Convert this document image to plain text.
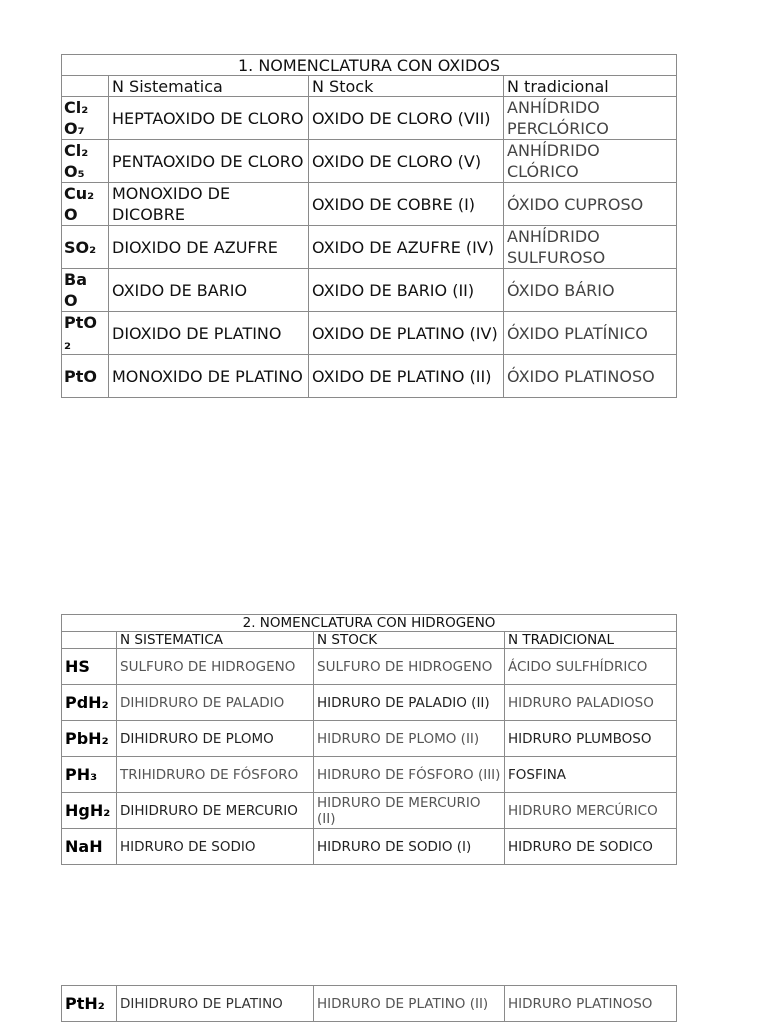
1. NOMENCLATURA CON OXIDOS			
	N Sistematica	N Stock	N tradicional
Cl₂ O₇	HEPTAOXIDO DE CLORO	OXIDO DE CLORO (VII)	ANHÍDRIDO PERCLÓRICO
Cl₂ O₅	PENTAOXIDO DE CLORO	OXIDO DE CLORO (V)	ANHÍDRIDO CLÓRICO
Cu₂ O	MONOXIDO DE DICOBRE	OXIDO DE COBRE (I)	ÓXIDO CUPROSO
SO₂	DIOXIDO DE AZUFRE	OXIDO DE AZUFRE (IV)	ANHÍDRIDO SULFUROSO
Ba O	OXIDO DE BARIO	OXIDO DE BARIO (II)	ÓXIDO BÁRIO
PtO ₂	DIOXIDO DE PLATINO	OXIDO DE PLATINO (IV)	ÓXIDO PLATÍNICO
PtO	MONOXIDO DE PLATINO	OXIDO DE PLATINO (II)	ÓXIDO PLATINOSO
2. NOMENCLATURA CON HIDROGENO			
	N SISTEMATICA	N STOCK	N TRADICIONAL
HS	SULFURO DE HIDROGENO	SULFURO DE HIDROGENO	ÁCIDO SULFHÍDRICO
PdH₂	DIHIDRURO DE PALADIO	HIDRURO DE PALADIO (II)	HIDRURO PALADIOSO
PbH₂	DIHIDRURO DE PLOMO	HIDRURO DE PLOMO (II)	HIDRURO PLUMBOSO
PH₃	TRIHIDRURO DE FÓSFORO	HIDRURO DE FÓSFORO (III)	FOSFINA
HgH₂	DIHIDRURO DE MERCURIO	HIDRURO DE MERCURIO (II)	HIDRURO MERCÚRICO
NaH	HIDRURO DE SODIO	HIDRURO DE SODIO (I)	HIDRURO DE SODICO
PtH₂	DIHIDRURO DE PLATINO	HIDRURO DE PLATINO (II)	HIDRURO PLATINOSO
